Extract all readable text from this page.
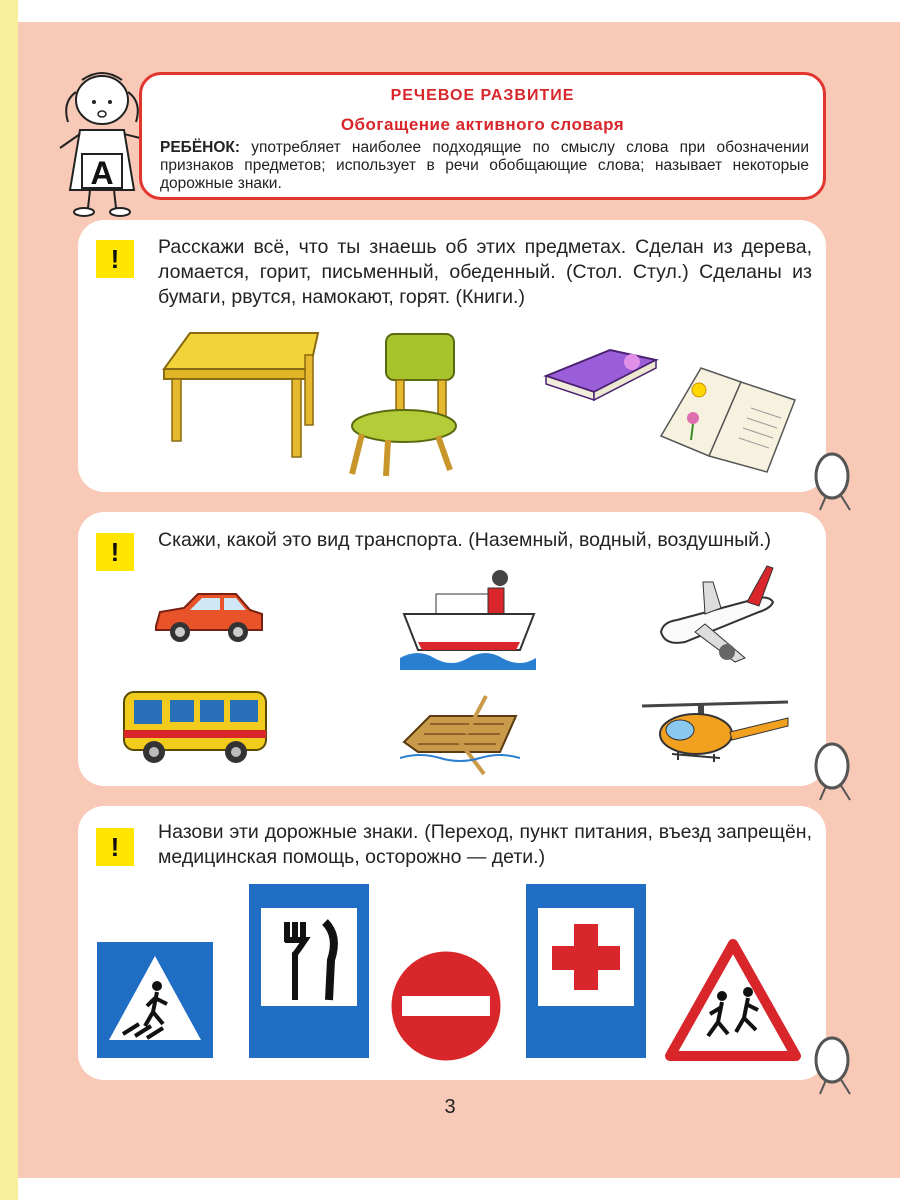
А
РЕЧЕВОЕ РАЗВИТИЕ
Обогащение активного словаря
РЕБЁНОК: употребляет наиболее подходящие по смыслу слова при обозначении признаков предметов; использует в речи обобщающие слова; называет некоторые дорожные знаки.
!	Расскажи всё, что ты знаешь об этих предметах. Сделан из дерева, ломается, горит, письменный, обеденный. (Стол. Стул.) Сделаны из бумаги, рвутся, намокают, горят. (Книги.)
!	Скажи, какой это вид транспорта. (Наземный, водный, воздушный.)
!	Назови эти дорожные знаки. (Переход, пункт питания, въезд запрещён, медицинская помощь, осторожно — дети.)
3
